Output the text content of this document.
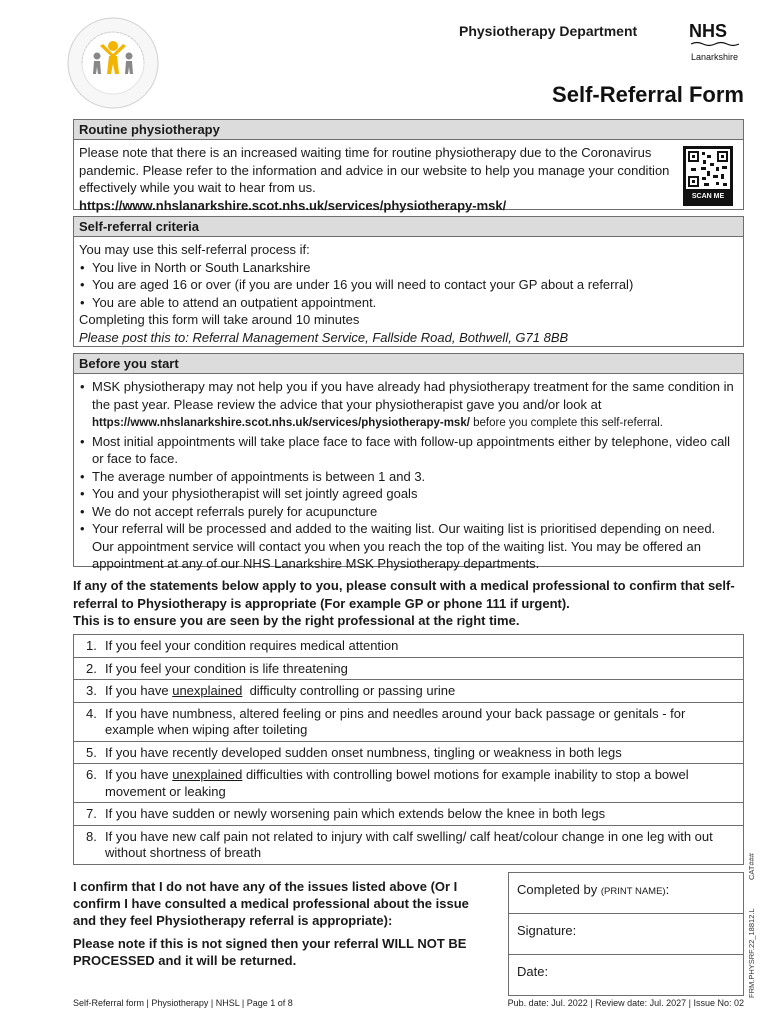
Physiotherapy Department	NHS
Lanarkshire
Self-Referral Form
Routine physiotherapy

Please note that there is an increased waiting time for routine physiotherapy due to the Coronavirus pandemic. Please refer to the information and advice in our website to help you manage your condition effectively while you wait to hear from us.

https://www.nhslanarkshire.scot.nhs.uk/services/physiotherapy-msk/

SCAN ME
Self-referral criteria

You may use this self-referral process if:

• You live in North or South Lanarkshire
• You are aged 16 or over (if you are under 16 you will need to contact your GP about a referral)
• You are able to attend an outpatient appointment.

Completing this form will take around 10 minutes

Please post this to: Referral Management Service, Fallside Road, Bothwell, G71 8BB

Before you start
• MSK physiotherapy may not help you if you have already had physiotherapy treatment for the same condition in the past year. Please review the advice that your physiotherapist gave you and/or look at
https://www.nhslanarkshire.scot.nhs.uk/services/physiotherapy-msk/ before you complete this self-referral.
• Most initial appointments will take place face to face with follow-up appointments either by telephone, video call or face to face.
• The average number of appointments is between 1 and 3.
• You and your physiotherapist will set jointly agreed goals
• We do not accept referrals purely for acupuncture
• Your referral will be processed and added to the waiting list. Our waiting list is prioritised depending on need. Our appointment service will contact you when you reach the top of the waiting list. You may be offered an appointment at any of our NHS Lanarkshire MSK Physiotherapy departments.

If any of the statements below apply to you, please consult with a medical professional to confirm that self-referral to Physiotherapy is appropriate (For example GP or phone 111 if urgent).

This is to ensure you are seen by the right professional at the right time.

1. If you feel your condition requires medical attention
2. If you feel your condition is life threatening
3. If you have unexplained  difficulty controlling or passing urine
4. If you have numbness, altered feeling or pins and needles around your back passage or genitals - for example when wiping after toileting
5. If you have recently developed sudden onset numbness, tingling or weakness in both legs
6. If you have unexplained difficulties with controlling bowel motions for example inability to stop a bowel movement or leaking
7. If you have sudden or newly worsening pain which extends below the knee in both legs
8. If you have new calf pain not related to injury with calf swelling/ calf heat/colour change in one leg with out without shortness of breath

I confirm that I do not have any of the issues listed above (Or I confirm I have consulted a medical professional about the issue and they feel Physiotherapy referral is appropriate):

Please note if this is not signed then your referral WILL NOT BE PROCESSED and it will be returned.

Completed by (PRINT NAME):
Signature:
Date:
CAT###
FRM.PHYSRF.22_18812.L
Self-Referral form | Physiotherapy | NHSL | Page 1 of 8	Pub. date: Jul. 2022 | Review date: Jul. 2027 | Issue No: 02
